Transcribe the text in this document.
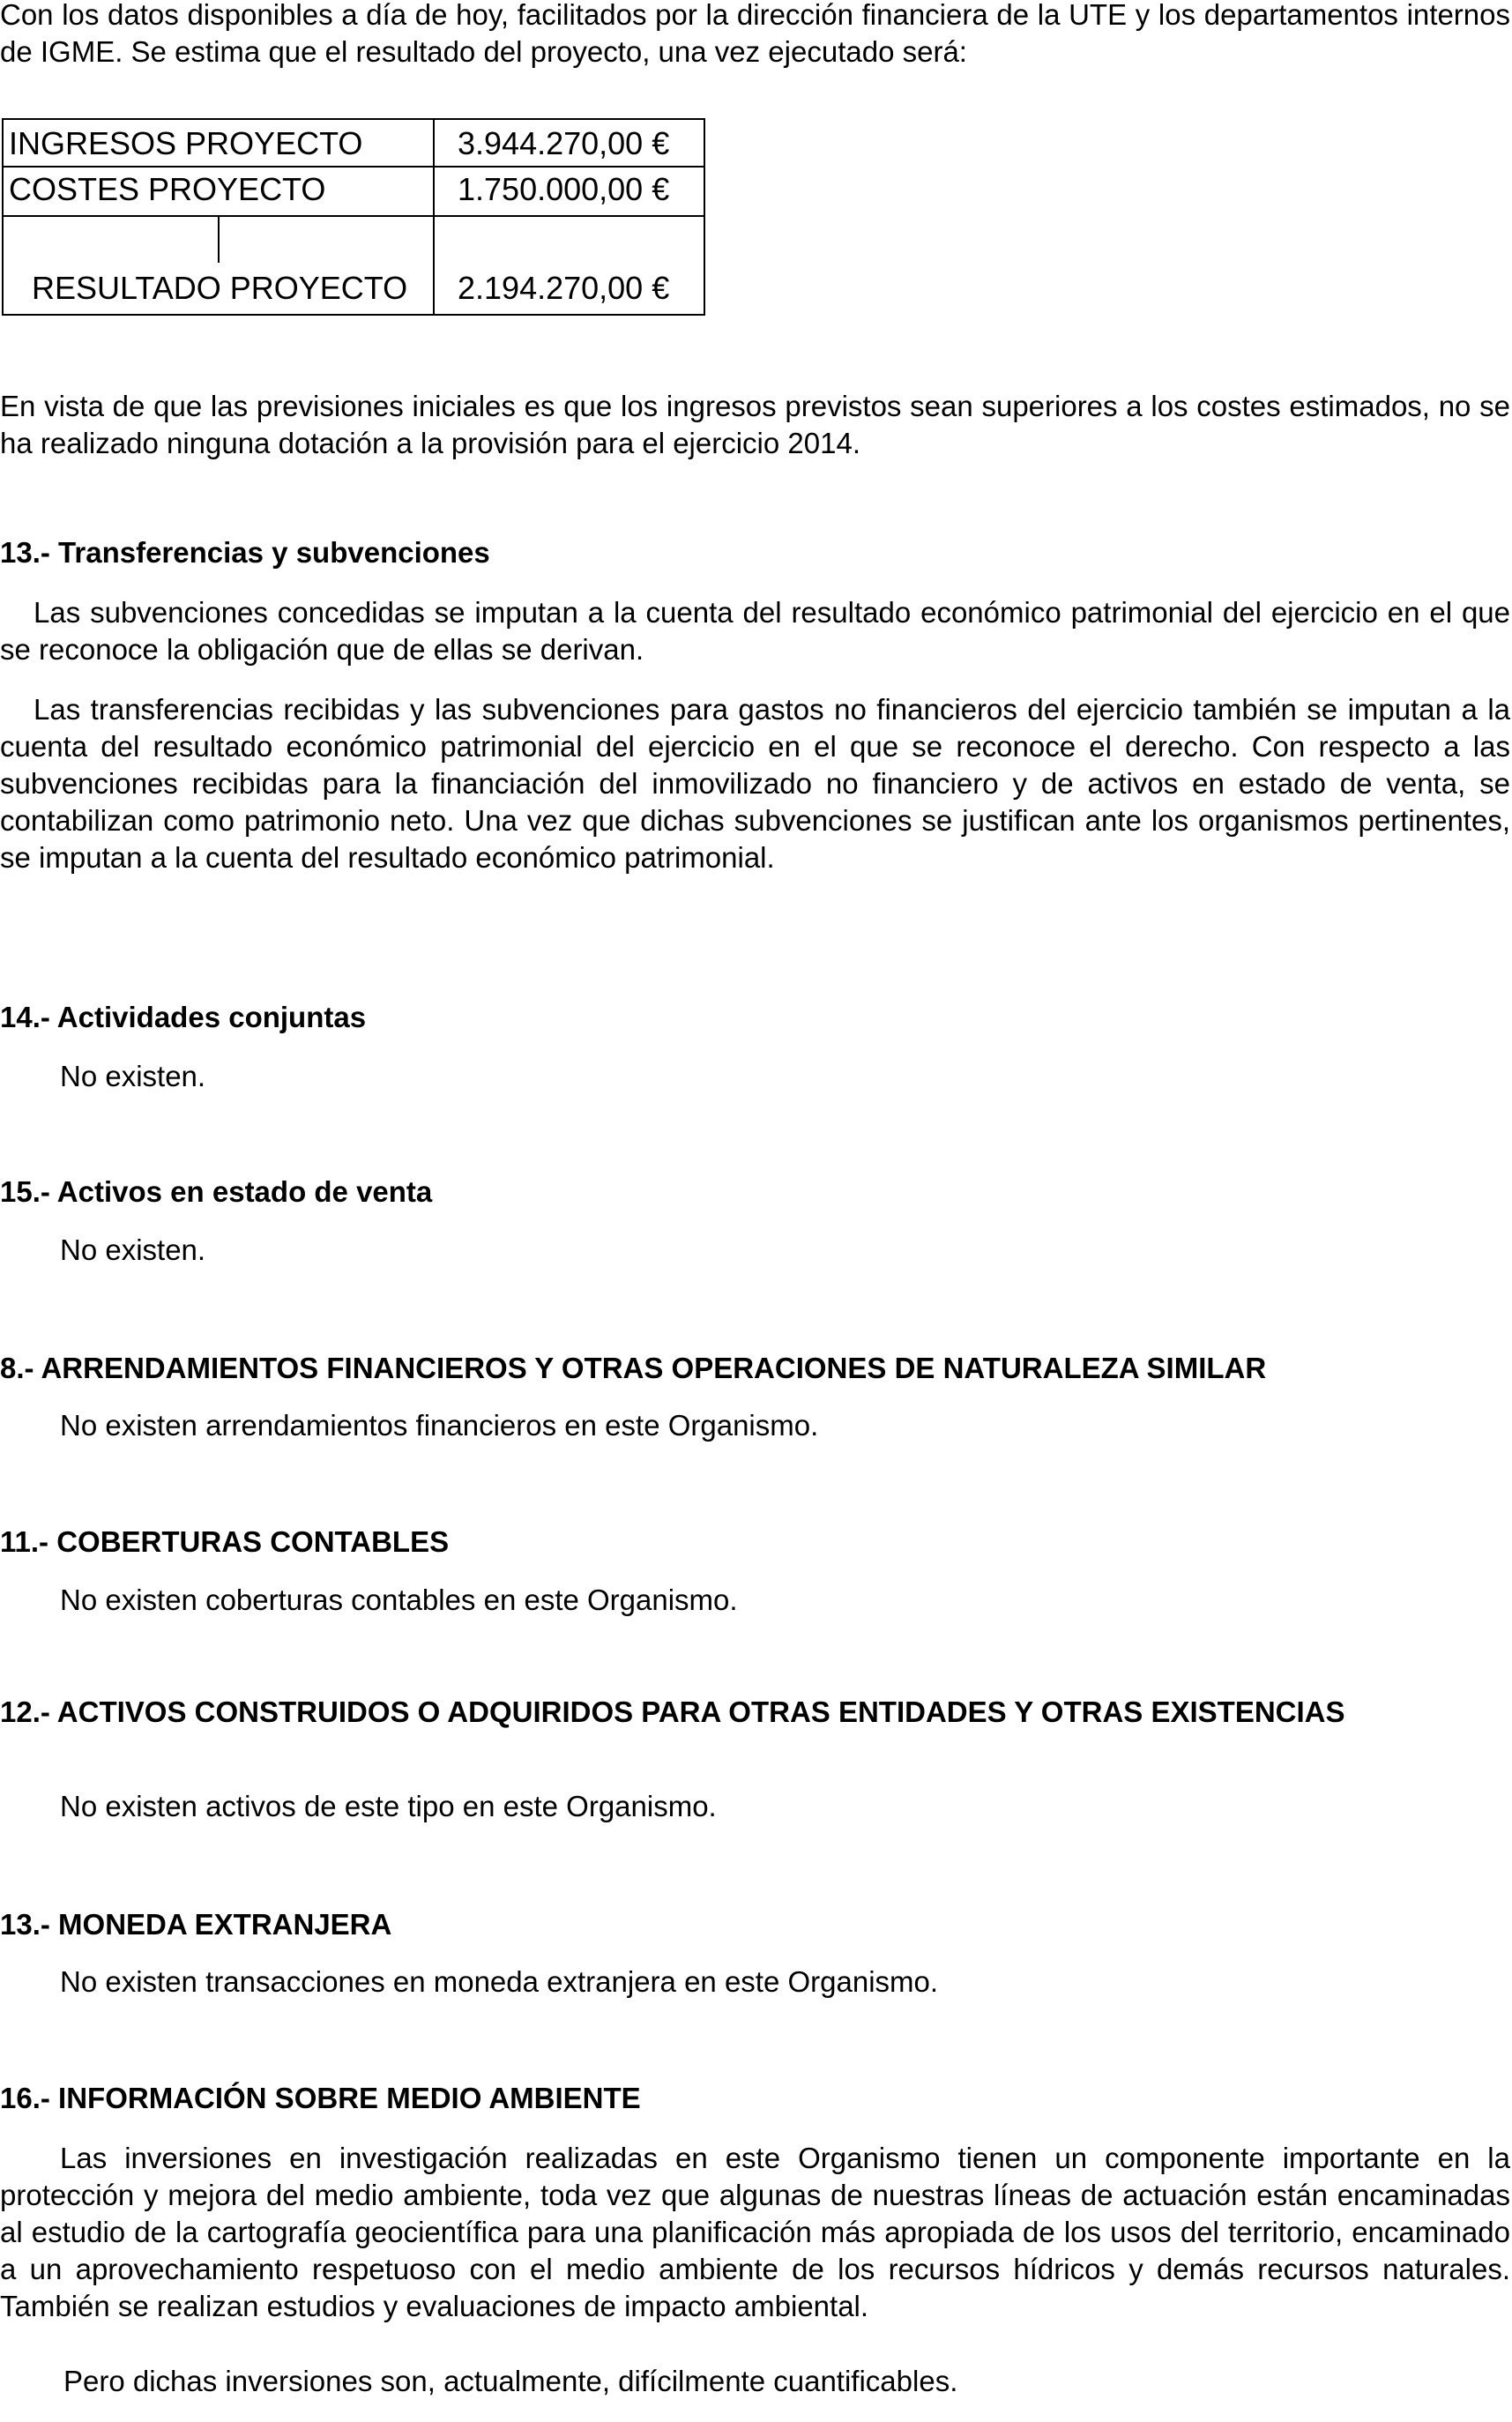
Con los datos disponibles a día de hoy, facilitados por la dirección financiera de la UTE y los departamentos internos de IGME. Se estima que el resultado del proyecto, una vez ejecutado será:

INGRESOS PROYECTO	3.944.270,00 €
COSTES PROYECTO	1.750.000,00 €
RESULTADO PROYECTO 2.194.270,00 €

En vista de que las previsiones iniciales es que los ingresos previstos sean superiores a los costes estimados, no se ha realizado ninguna dotación a la provisión para el ejercicio 2014.

13.- Transferencias y subvenciones

Las subvenciones concedidas se imputan a la cuenta del resultado económico patrimonial del ejercicio en el que se reconoce la obligación que de ellas se derivan.

Las transferencias recibidas y las subvenciones para gastos no financieros del ejercicio también se imputan a la cuenta del resultado económico patrimonial del ejercicio en el que se reconoce el derecho. Con respecto a las subvenciones recibidas para la financiación del inmovilizado no financiero y de activos en estado de venta, se contabilizan como patrimonio neto. Una vez que dichas subvenciones se justifican ante los organismos pertinentes, se imputan a la cuenta del resultado económico patrimonial.

14.- Actividades conjuntas

No existen.

15.- Activos en estado de venta

No existen.

8.- ARRENDAMIENTOS FINANCIEROS Y OTRAS OPERACIONES DE NATURALEZA SIMILAR

No existen arrendamientos financieros en este Organismo.

11.- COBERTURAS CONTABLES

No existen coberturas contables en este Organismo.

12.- ACTIVOS CONSTRUIDOS O ADQUIRIDOS PARA OTRAS ENTIDADES Y OTRAS EXISTENCIAS

No existen activos de este tipo en este Organismo.

13.- MONEDA EXTRANJERA

No existen transacciones en moneda extranjera en este Organismo.

16.- INFORMACIÓN SOBRE MEDIO AMBIENTE

Las inversiones en investigación realizadas en este Organismo tienen un componente importante en la protección y mejora del medio ambiente, toda vez que algunas de nuestras líneas de actuación están encaminadas al estudio de la cartografía geocientífica para una planificación más apropiada de los usos del territorio, encaminado a un aprovechamiento respetuoso con el medio ambiente de los recursos hídricos y demás recursos naturales. También se realizan estudios y evaluaciones de impacto ambiental.

Pero dichas inversiones son, actualmente, difícilmente cuantificables.
